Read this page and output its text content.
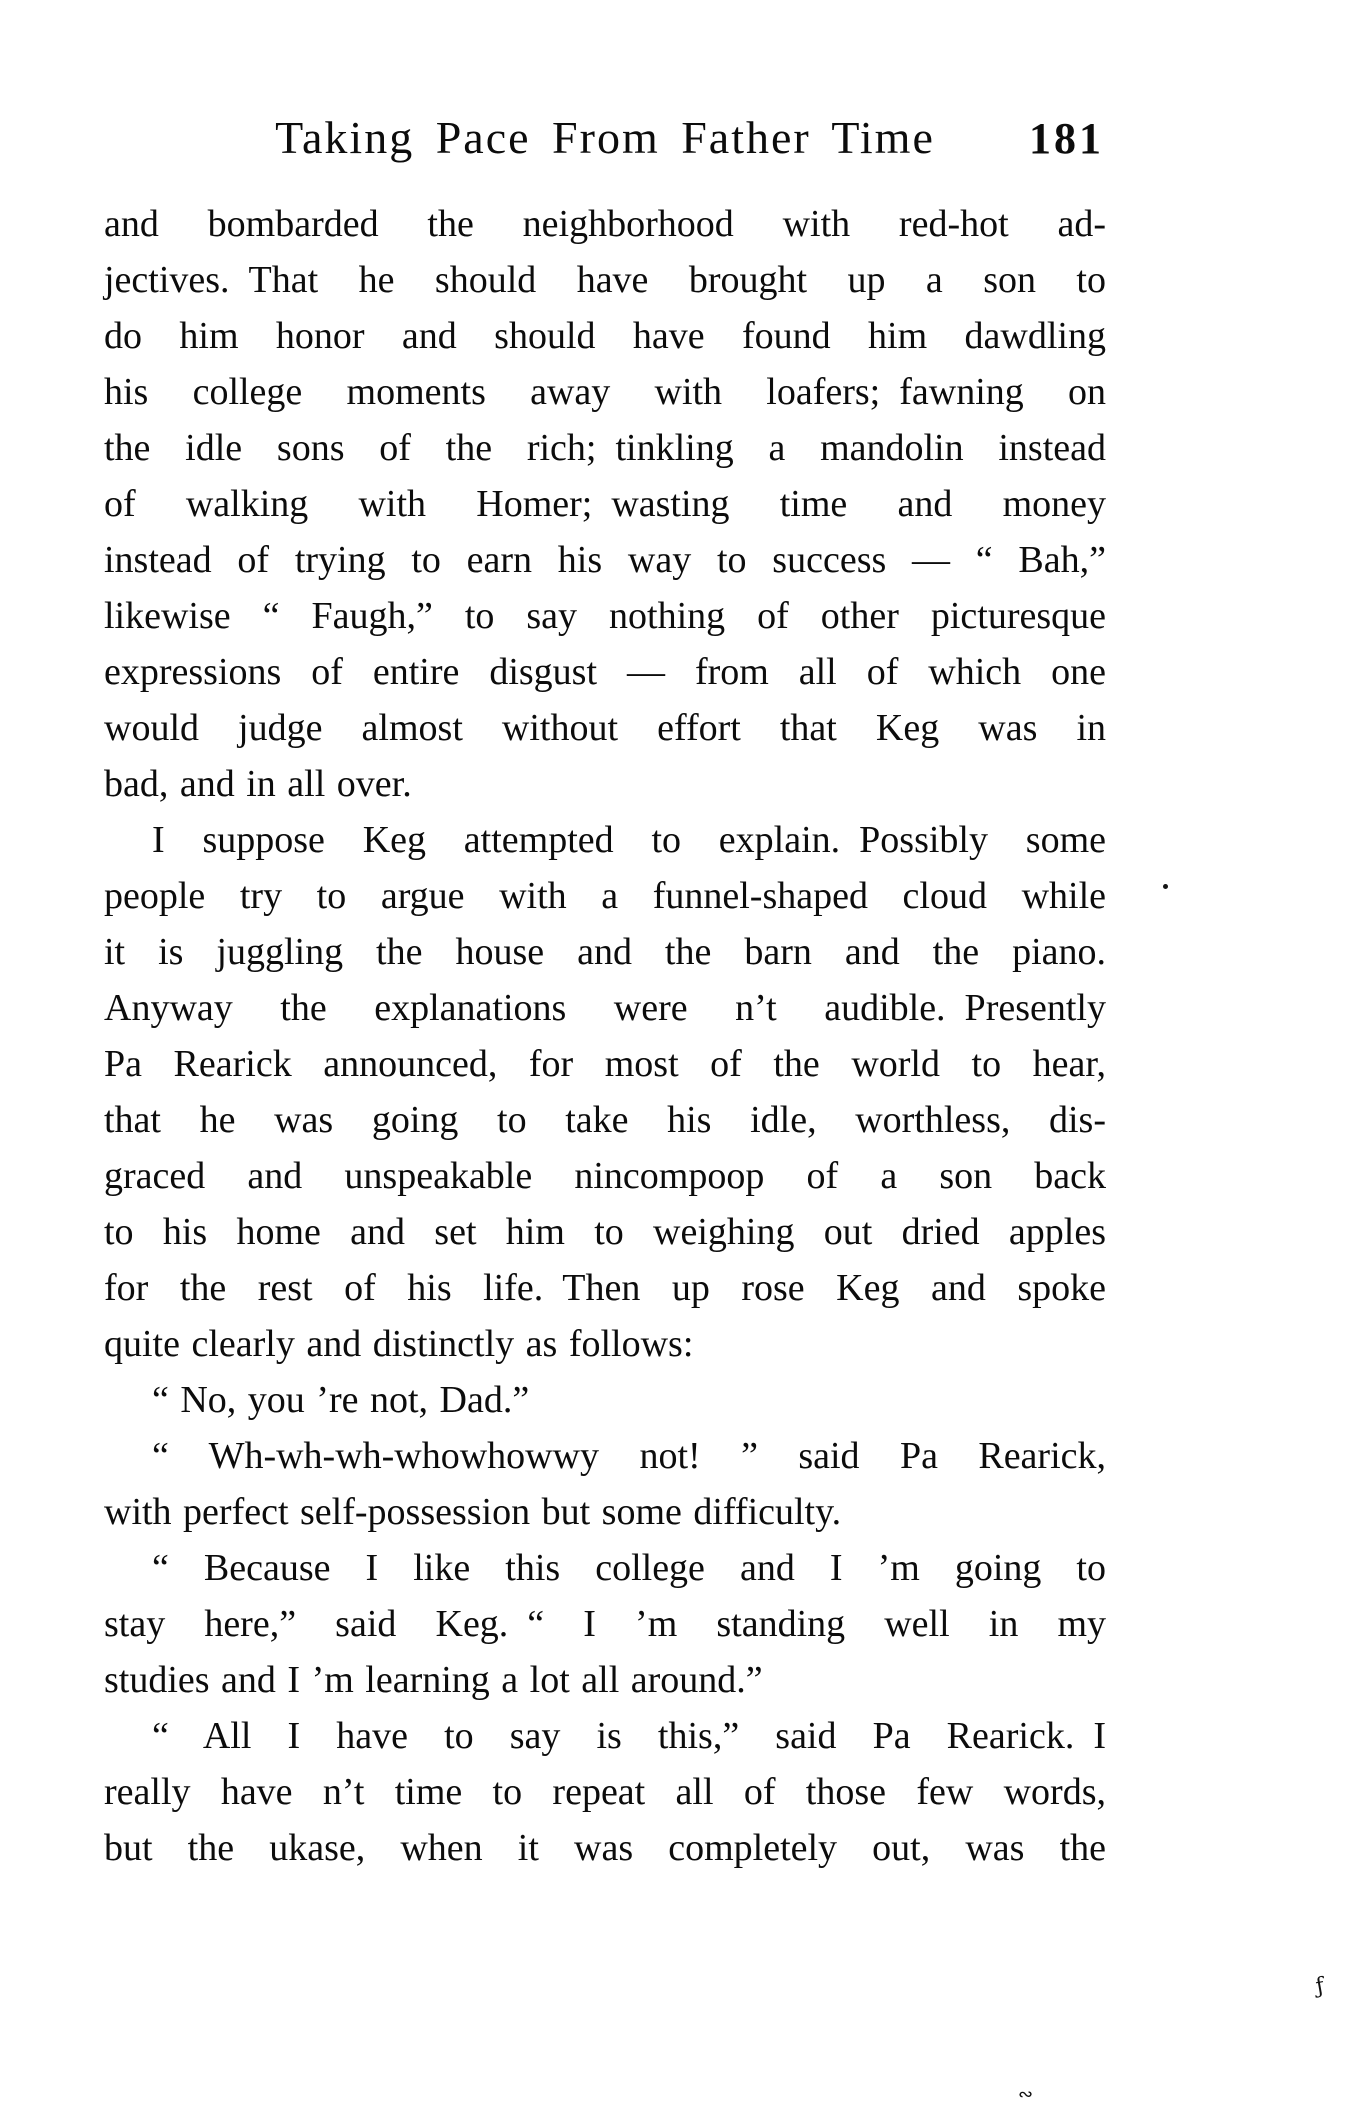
Taking Pace From Father Time	181
and bombarded the neighborhood with red-hot ad-
jectives. That he should have brought up a son to
do him honor and should have found him dawdling
his college moments away with loafers; fawning on
the idle sons of the rich; tinkling a mandolin instead
of walking with Homer; wasting time and money
instead of trying to earn his way to success — “ Bah,”
likewise “ Faugh,” to say nothing of other picturesque
expressions of entire disgust — from all of which one
would judge almost without effort that Keg was in
bad, and in all over.
I suppose Keg attempted to explain. Possibly some
people try to argue with a funnel-shaped cloud while
it is juggling the house and the barn and the piano.
Anyway the explanations were n’t audible. Presently
Pa Rearick announced, for most of the world to hear,
that he was going to take his idle, worthless, dis-
graced and unspeakable nincompoop of a son back
to his home and set him to weighing out dried apples
for the rest of his life. Then up rose Keg and spoke
quite clearly and distinctly as follows:
“ No, you ’re not, Dad.”
“ Wh-wh-wh-whowhowwy not! ” said Pa Rearick,
with perfect self-possession but some difficulty.
“ Because I like this college and I ’m going to
stay here,” said Keg. “ I ’m standing well in my
studies and I ’m learning a lot all around.”
“ All I have to say is this,” said Pa Rearick. I
really have n’t time to repeat all of those few words,
but the ukase, when it was completely out, was the
ƒ
∾
